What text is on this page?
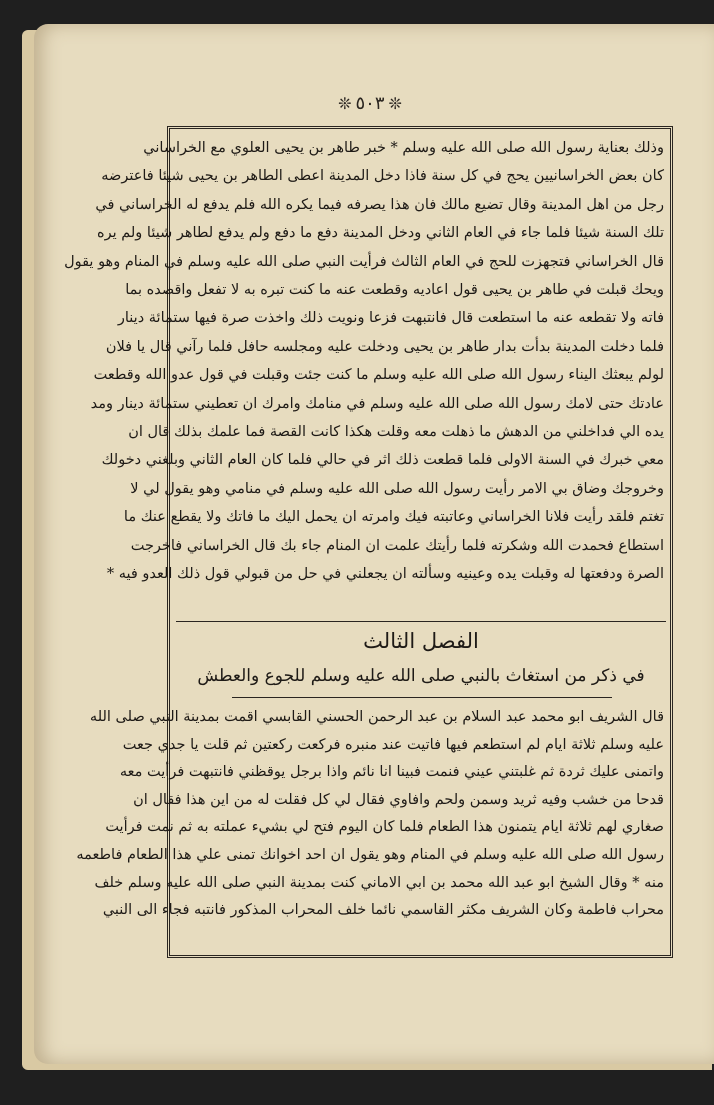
❊
٥٠٣
❊

وذلك بعناية رسول الله صلى الله عليه وسلم * خبر طاهر بن يحيى العلوي مع الخراساني

كان بعض الخراسانيين يحج في كل سنة فاذا دخل المدينة اعطى الطاهر بن يحيى شيئا فاعترضه

رجل من اهل المدينة وقال تضيع مالك فان هذا يصرفه فيما يكره الله فلم يدفع له الخراساني في

تلك السنة شيئا فلما جاء في العام الثاني ودخل المدينة دفع ما دفع ولم يدفع لطاهر شيئا ولم يره

قال الخراساني فتجهزت للحج في العام الثالث فرأيت النبي صلى الله عليه وسلم في المنام وهو يقول

ويحك قبلت في طاهر بن يحيى قول اعاديه وقطعت عنه ما كنت تبره به لا تفعل واقصده بما

فاته ولا تقطعه عنه ما استطعت قال فانتبهت فزعا ونويت ذلك واخذت صرة فيها ستمائة دينار

فلما دخلت المدينة بدأت بدار طاهر بن يحيى ودخلت عليه ومجلسه حافل فلما رآني قال يا فلان

لولم يبعثك اليناء رسول الله صلى الله عليه وسلم ما كنت جئت وقبلت في قول عدو الله وقطعت

عادتك حتى لامك رسول الله صلى الله عليه وسلم في منامك وامرك ان تعطيني ستمائة دينار ومد

يده الي فداخلني من الدهش ما ذهلت معه وقلت هكذا كانت القصة فما علمك بذلك قال ان

معي خبرك في السنة الاولى فلما قطعت ذلك اثر في حالي فلما كان العام الثاني وبلغني دخولك

وخروجك وضاق بي الامر رأيت رسول الله صلى الله عليه وسلم في منامي وهو يقول لي لا

تغتم فلقد رأيت فلانا الخراساني وعاتبته فيك وامرته ان يحمل اليك ما فاتك ولا يقطع عنك ما

استطاع فحمدت الله وشكرته فلما رأيتك علمت ان المنام جاء بك قال الخراساني فاخرجت

الصرة ودفعتها له وقبلت يده وعينيه وسألته ان يجعلني في حل من قبولي قول ذلك العدو فيه *

الفصل الثالث
في ذكر من استغاث بالنبي صلى الله عليه وسلم للجوع والعطش

قال الشريف ابو محمد عبد السلام بن عبد الرحمن الحسني القابسي اقمت بمدينة النبي صلى الله

عليه وسلم ثلاثة ايام لم استطعم فيها فاتيت عند منبره فركعت ركعتين ثم قلت يا جدي جعت

واتمنى عليك ثردة ثم غلبتني عيني فنمت فبينا انا نائم واذا برجل يوقظني فانتبهت فرأيت معه

قدحا من خشب وفيه ثريد وسمن ولحم وافاوي فقال لي كل فقلت له من اين هذا فقال ان

صغاري لهم ثلاثة ايام يتمنون هذا الطعام فلما كان اليوم فتح لي بشيء عملته به ثم نمت فرأيت

رسول الله صلى الله عليه وسلم في المنام وهو يقول ان احد اخوانك تمنى علي هذا الطعام فاطعمه

منه * وقال الشيخ ابو عبد الله محمد بن ابي الاماني كنت بمدينة النبي صلى الله عليه وسلم خلف

محراب فاطمة وكان الشريف مكثر القاسمي نائما خلف المحراب المذكور فانتبه فجاء الى النبي
